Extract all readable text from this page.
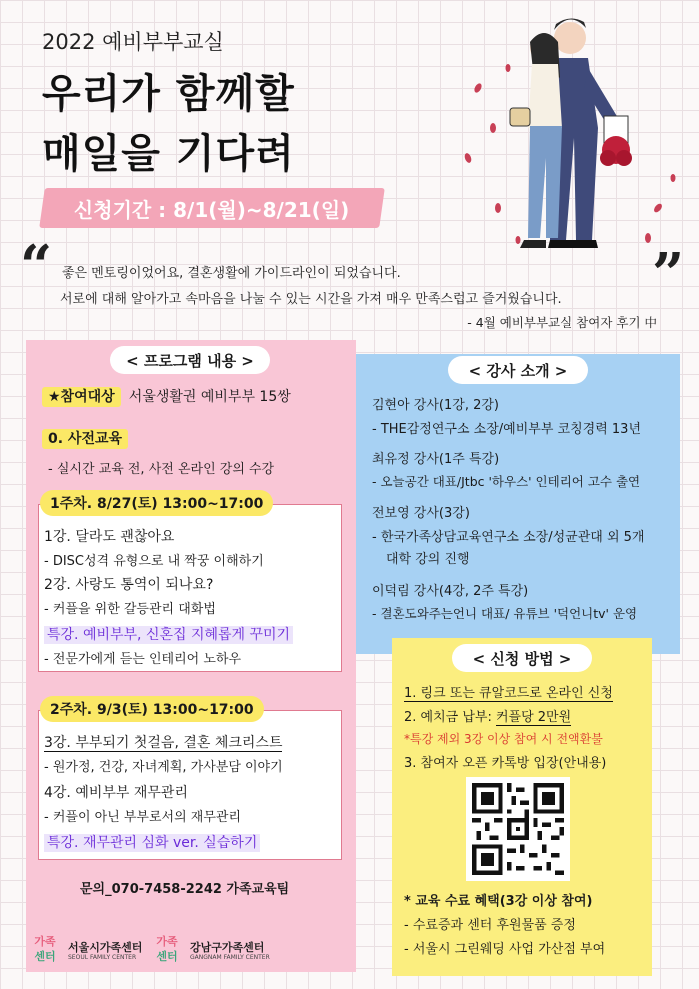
2022 예비부부교실
우리가 함께할
매일을 기다려
신청기간 : 8/1(월)~8/21(일)
“	”
좋은 멘토링이었어요, 결혼생활에 가이드라인이 되었습니다.
서로에 대해 알아가고 속마음을 나눌 수 있는 시간을 가져 매우 만족스럽고 즐거웠습니다.
- 4월 예비부부교실 참여자 후기 中
< 프로그램 내용 >
★참여대상 서울생활권 예비부부 15쌍
0. 사전교육
- 실시간 교육 전, 사전 온라인 강의 수강
1주차. 8/27(토) 13:00~17:00
1강. 달라도 괜찮아요
- DISC성격 유형으로 내 짝꿍 이해하기
2강. 사랑도 통역이 되나요?
- 커플을 위한 갈등관리 대화법
특강. 예비부부, 신혼집 지혜롭게 꾸미기
- 전문가에게 듣는 인테리어 노하우
2주차. 9/3(토) 13:00~17:00
3강. 부부되기 첫걸음, 결혼 체크리스트
- 원가정, 건강, 자녀계획, 가사분담 이야기
4강. 예비부부 재무관리
- 커플이 아닌 부부로서의 재무관리
특강. 재무관리 심화 ver. 실습하기
문의_070-7458-2242 가족교육팀
가족
센터
서울시가족센터
SEOUL FAMILY CENTER
가족
센터
강남구가족센터
GANGNAM FAMILY CENTER
< 강사 소개 >
김현아 강사(1강, 2강)
- THE감정연구소 소장/예비부부 코칭경력 13년
최유정 강사(1주 특강)
- 오늘공간 대표/Jtbc '하우스' 인테리어 고수 출연
전보영 강사(3강)
- 한국가족상담교육연구소 소장/성균관대 외 5개
대학 강의 진행
이덕림 강사(4강, 2주 특강)
- 결혼도와주는언니 대표/ 유튜브 '덕언니tv' 운영
< 신청 방법 >
1. 링크 또는 큐알코드로 온라인 신청
2. 예치금 납부: 커플당 2만원
*특강 제외 3강 이상 참여 시 전액환불
3. 참여자 오픈 카톡방 입장(안내용)
* 교육 수료 혜택(3강 이상 참여)
- 수료증과 센터 후원물품 증정
- 서울시 그린웨딩 사업 가산점 부여
